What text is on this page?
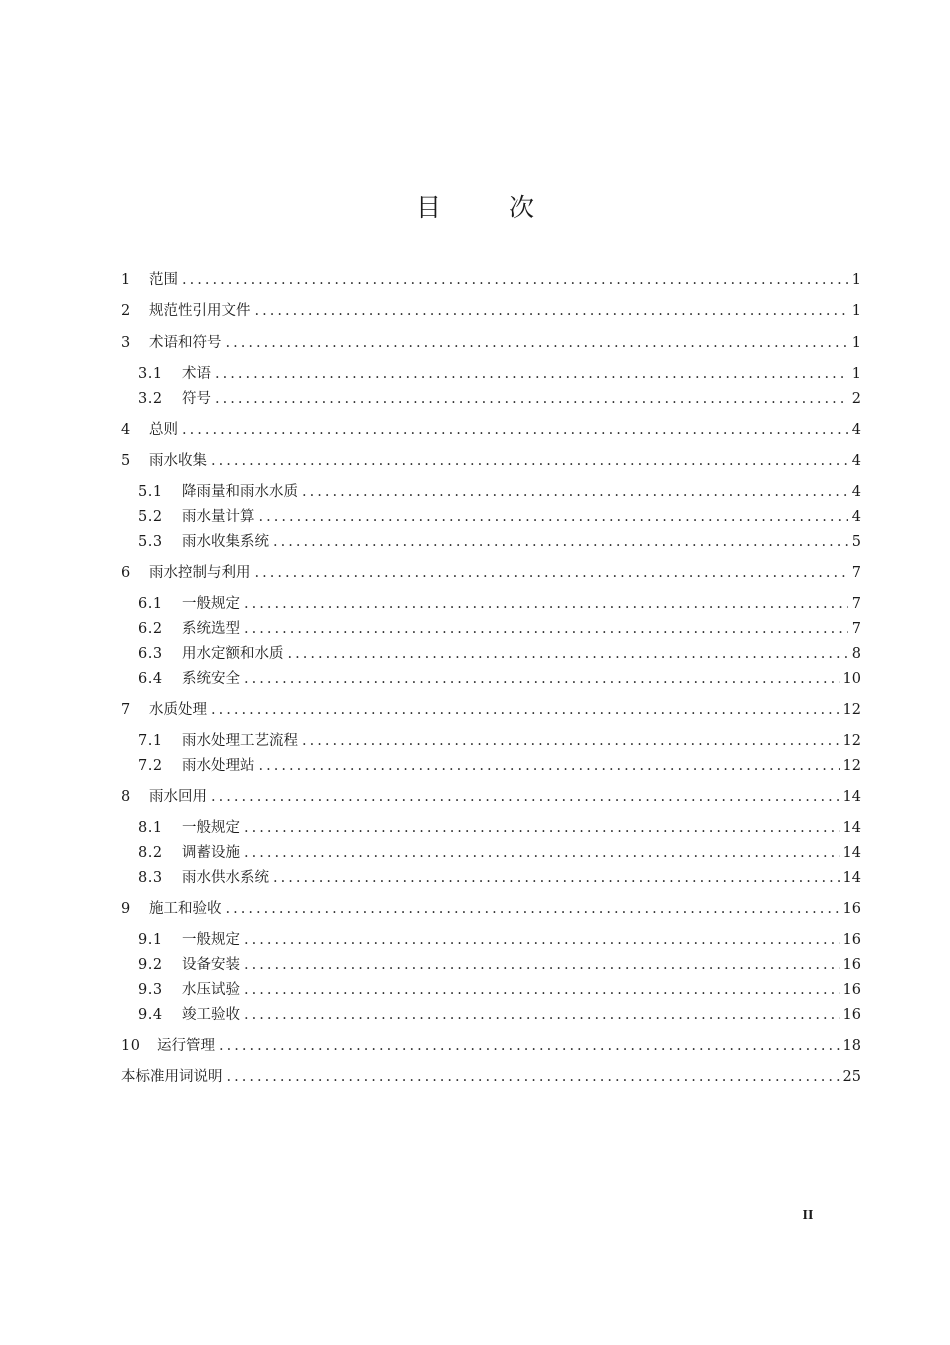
目 次
1	范围 . . .	1
2	规范性引用文件 . . .	1
3	术语和符号 . . .	1
3.1	术语 . . .	1
3.2	符号 . . .	2
4	总则 . . .	4
5	雨水收集 . . .	4
5.1	降雨量和雨水水质 . . .	4
5.2	雨水量计算 . . .	4
5.3	雨水收集系统 . . .	5
6	雨水控制与利用 . . .	7
6.1	一般规定 . . .	7
6.2	系统选型 . . .	7
6.3	用水定额和水质 . . .	8
6.4	系统安全 . . .	10
7	水质处理 . . .	12
7.1	雨水处理工艺流程 . . .	12
7.2	雨水处理站 . . .	12
8	雨水回用 . . .	14
8.1	一般规定 . . .	14
8.2	调蓄设施 . . .	14
8.3	雨水供水系统 . . .	14
9	施工和验收 . . .	16
9.1	一般规定 . . .	16
9.2	设备安装 . . .	16
9.3	水压试验 . . .	16
9.4	竣工验收 . . .	16
10	运行管理 . . .	18
本标准用词说明 . . .	25
II
